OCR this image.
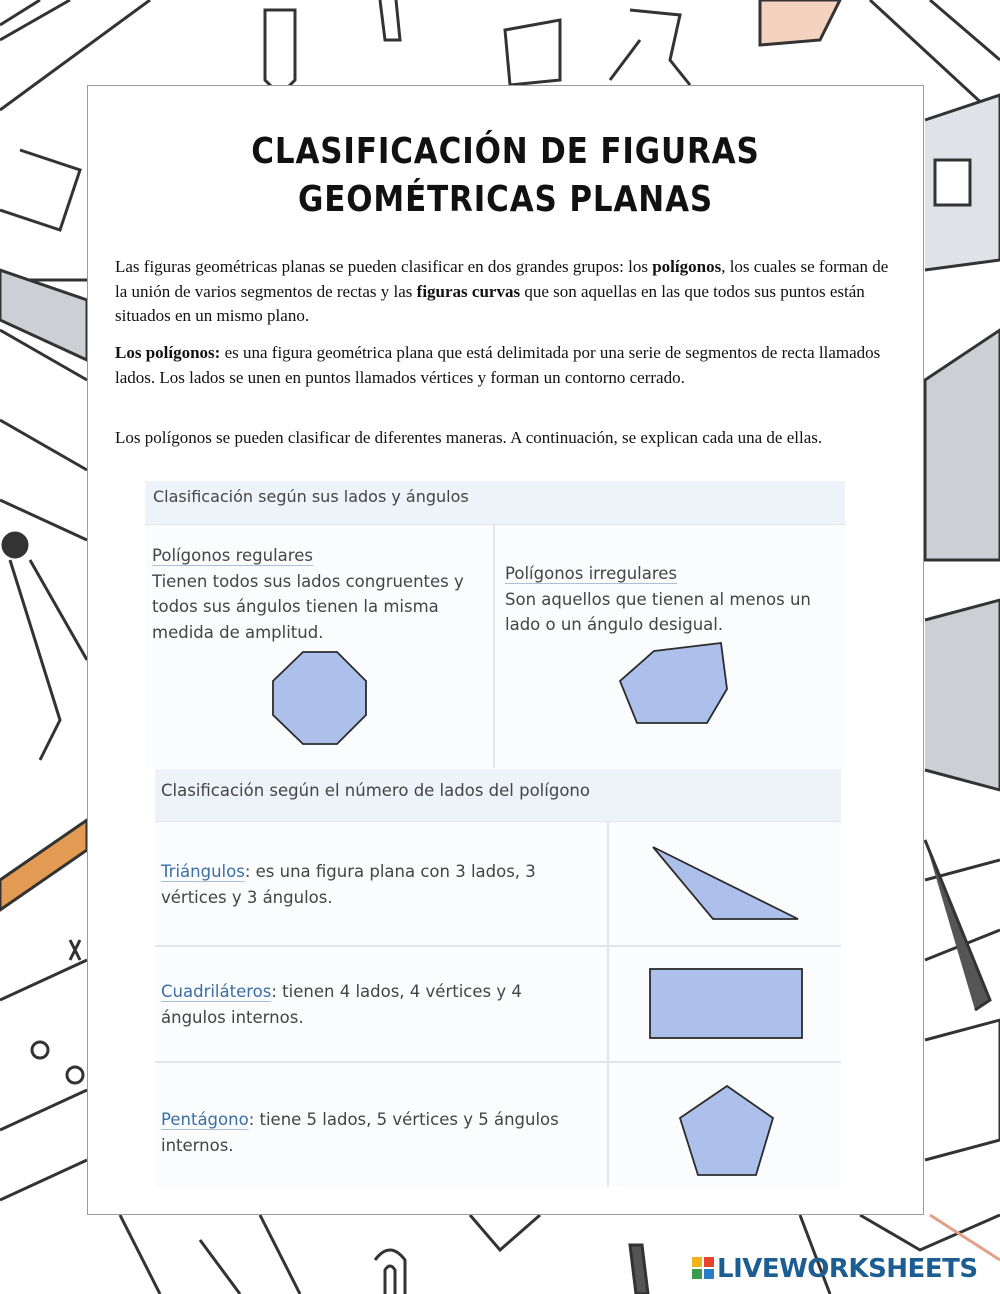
CLASIFICACIÓN DE FIGURAS GEOMÉTRICAS PLANAS

Las figuras geométricas planas se pueden clasificar en dos grandes grupos: los polígonos, los cuales se forman de la unión de varios segmentos de rectas y las figuras curvas que son aquellas en las que todos sus puntos están situados en un mismo plano.

Los polígonos: es una figura geométrica plana que está delimitada por una serie de segmentos de recta llamados lados. Los lados se unen en puntos llamados vértices y forman un contorno cerrado.

Los polígonos se pueden clasificar de diferentes maneras. A continuación, se explican cada una de ellas.

Clasificación según sus lados y ángulos
Polígonos regulares
Tienen todos sus lados congruentes y todos sus ángulos tienen la misma medida de amplitud.
Polígonos irregulares
Son aquellos que tienen al menos un lado o un ángulo desigual.
Clasificación según el número de lados del polígono
Triángulos: es una figura plana con 3 lados, 3 vértices y 3 ángulos.
Cuadriláteros: tienen 4 lados, 4 vértices y 4 ángulos internos.
Pentágono: tiene 5 lados, 5 vértices y 5 ángulos internos.
LIVEWORKSHEETS
